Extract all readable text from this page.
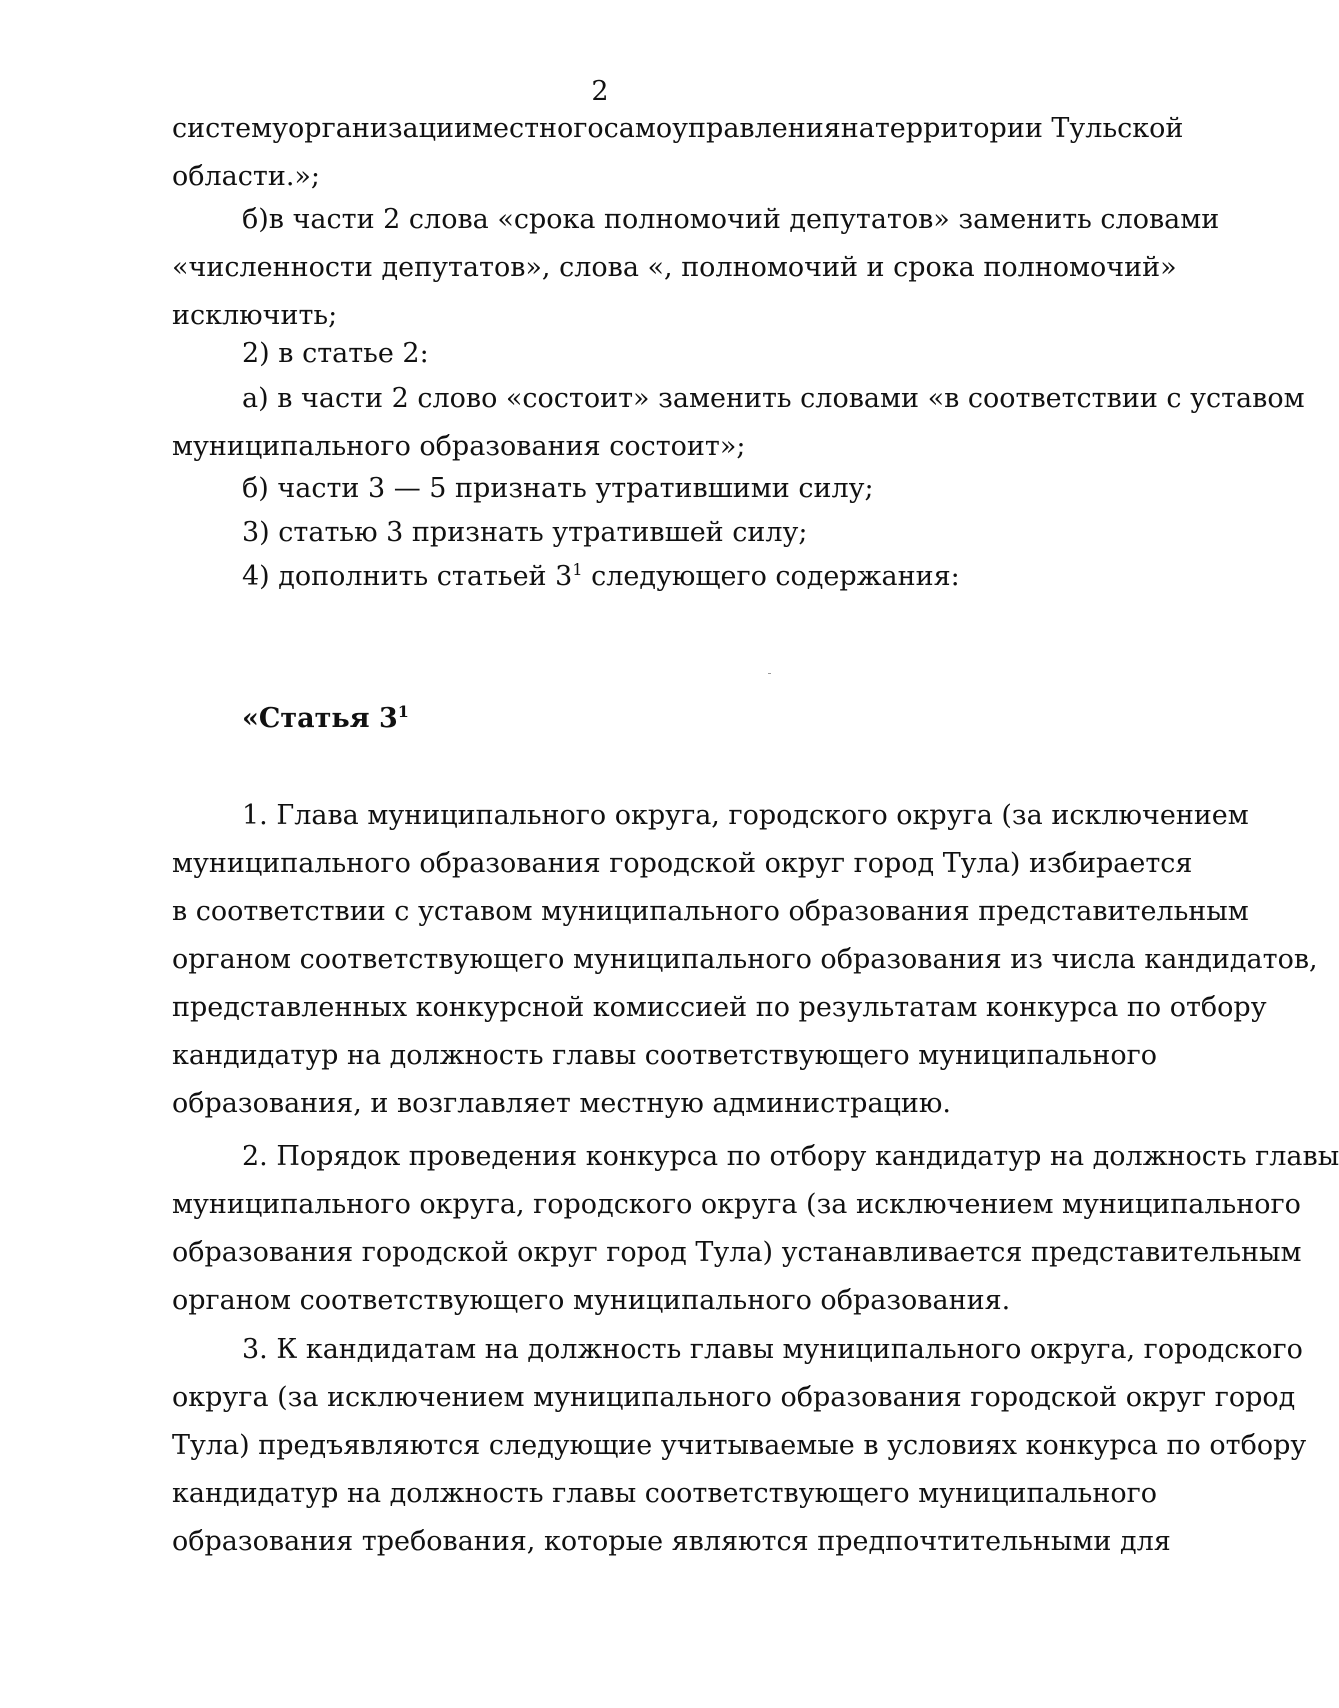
2
системуорганизацииместногосамоуправлениянатерритории Тульской
области.»;
б)в части 2 слова «срока полномочий депутатов» заменить словами
«численности депутатов», слова «, полномочий и срока полномочий»
исключить;
2) в статье 2:
а) в части 2 слово «состоит» заменить словами «в соответствии с уставом
муниципального образования состоит»;
б) части 3 — 5 признать утратившими силу;
3) статью 3 признать утратившей силу;
4) дополнить статьей $3^1$ следующего содержания:
«Статья $3^1$
1. Глава муниципального округа, городского округа (за исключением
муниципального образования городской округ город Тула) избирается
в соответствии с уставом муниципального образования представительным
органом соответствующего муниципального образования из числа кандидатов,
представленных конкурсной комиссией по результатам конкурса по отбору
кандидатур на должность главы соответствующего муниципального
образования, и возглавляет местную администрацию.
2. Порядок проведения конкурса по отбору кандидатур на должность главы
муниципального округа, городского округа (за исключением муниципального
образования городской округ город Тула) устанавливается представительным
органом соответствующего муниципального образования.
3. К кандидатам на должность главы муниципального округа, городского
округа (за исключением муниципального образования городской округ город
Тула) предъявляются следующие учитываемые в условиях конкурса по отбору
кандидатур на должность главы соответствующего муниципального
образования требования, которые являются предпочтительными для
